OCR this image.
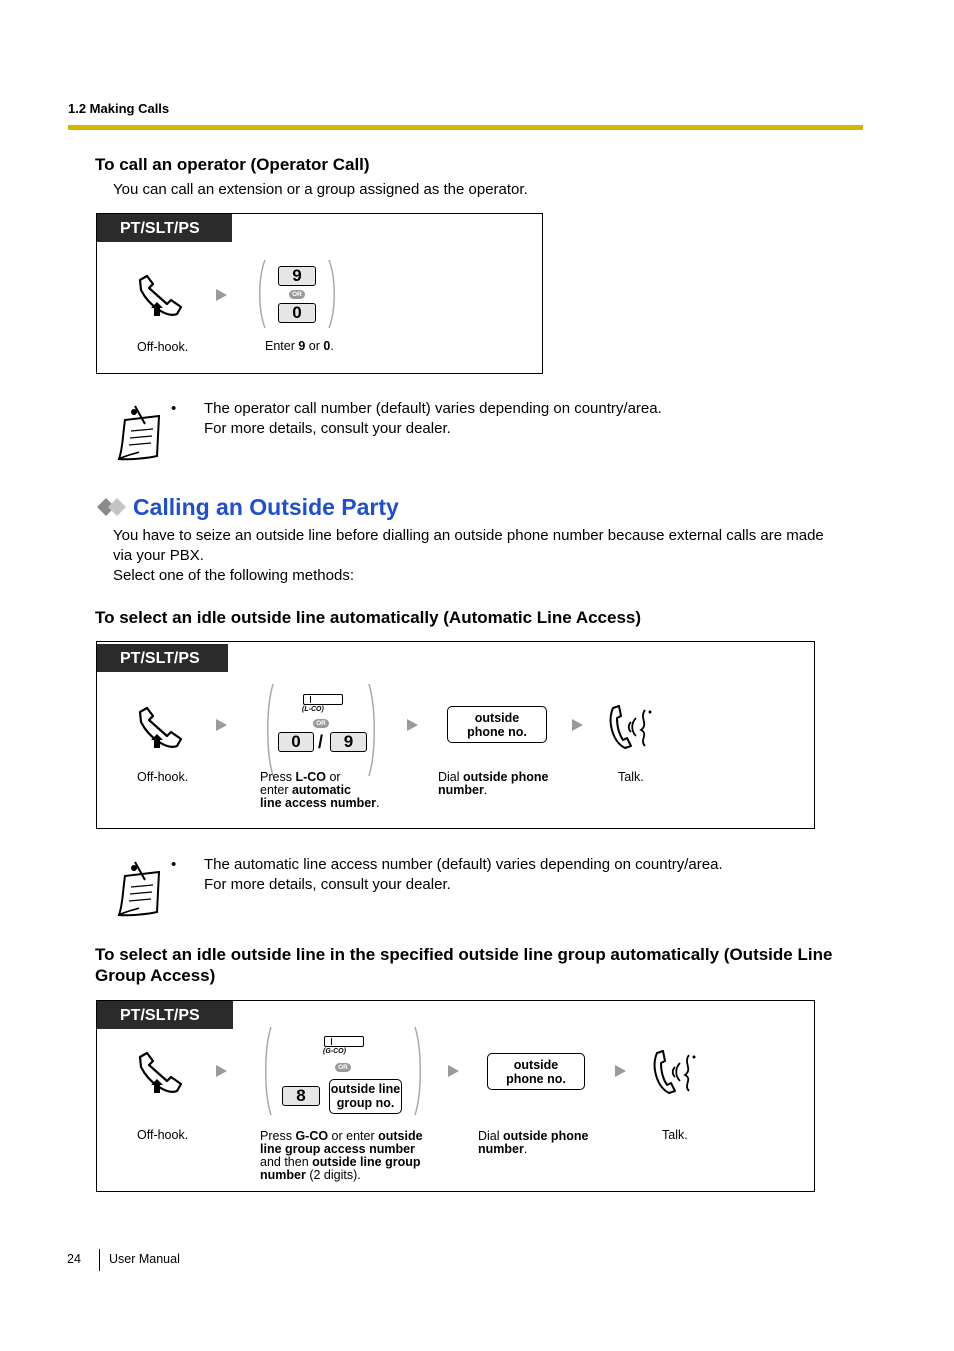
1.2 Making Calls
To call an operator (Operator Call)
You can call an extension or a group assigned as the operator.
PT/SLT/PS
9
OR
0
Off-hook.	Enter 9 or 0.
• The operator call number (default) varies depending on country/area.
For more details, consult your dealer.
Calling an Outside Party
You have to seize an outside line before dialling an outside phone number because external calls are made
via your PBX.
Select one of the following methods:
To select an idle outside line automatically (Automatic Line Access)
PT/SLT/PS
(L-CO)
OR
0 /	9
outside
phone no.
Off-hook.	Press L-CO or
enter automatic
line access number.
Dial outside phone
number.
Talk.
• The automatic line access number (default) varies depending on country/area.
For more details, consult your dealer.
To select an idle outside line in the specified outside line group automatically (Outside Line
Group Access)
PT/SLT/PS
(G-CO)
OR
8	outside line
group no.
outside
phone no.
Off-hook.	Press G-CO or enter outside
line group access number
and then outside line group
number (2 digits).
Dial outside phone
number.
Talk.
24 User Manual
